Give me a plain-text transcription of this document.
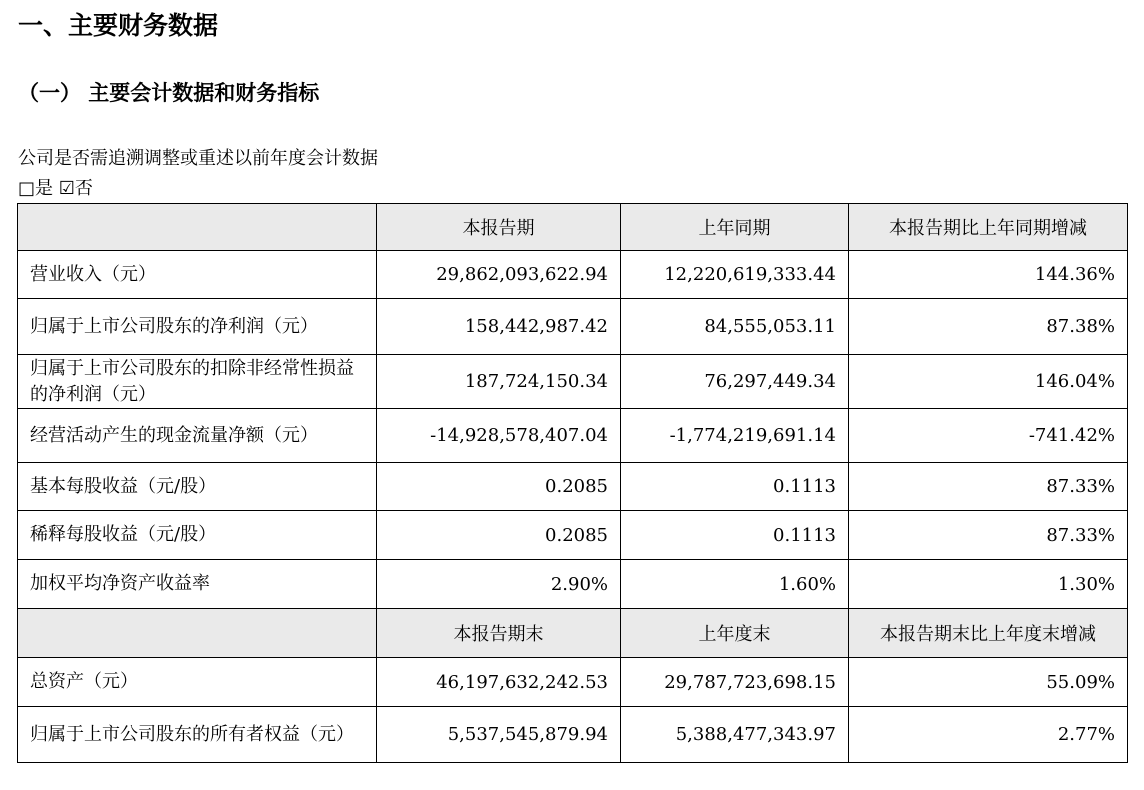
一、主要财务数据
（一） 主要会计数据和财务指标
公司是否需追溯调整或重述以前年度会计数据
□是 ☑否
	本报告期	上年同期	本报告期比上年同期增减
营业收入（元）	29,862,093,622.94	12,220,619,333.44	144.36%
归属于上市公司股东的净利润（元）	158,442,987.42	84,555,053.11	87.38%
归属于上市公司股东的扣除非经常性损益的净利润（元）	187,724,150.34	76,297,449.34	146.04%
经营活动产生的现金流量净额（元）	-14,928,578,407.04	-1,774,219,691.14	-741.42%
基本每股收益（元/股）	0.2085	0.1113	87.33%
稀释每股收益（元/股）	0.2085	0.1113	87.33%
加权平均净资产收益率	2.90%	1.60%	1.30%
	本报告期末	上年度末	本报告期末比上年度末增减
总资产（元）	46,197,632,242.53	29,787,723,698.15	55.09%
归属于上市公司股东的所有者权益（元）	5,537,545,879.94	5,388,477,343.97	2.77%
